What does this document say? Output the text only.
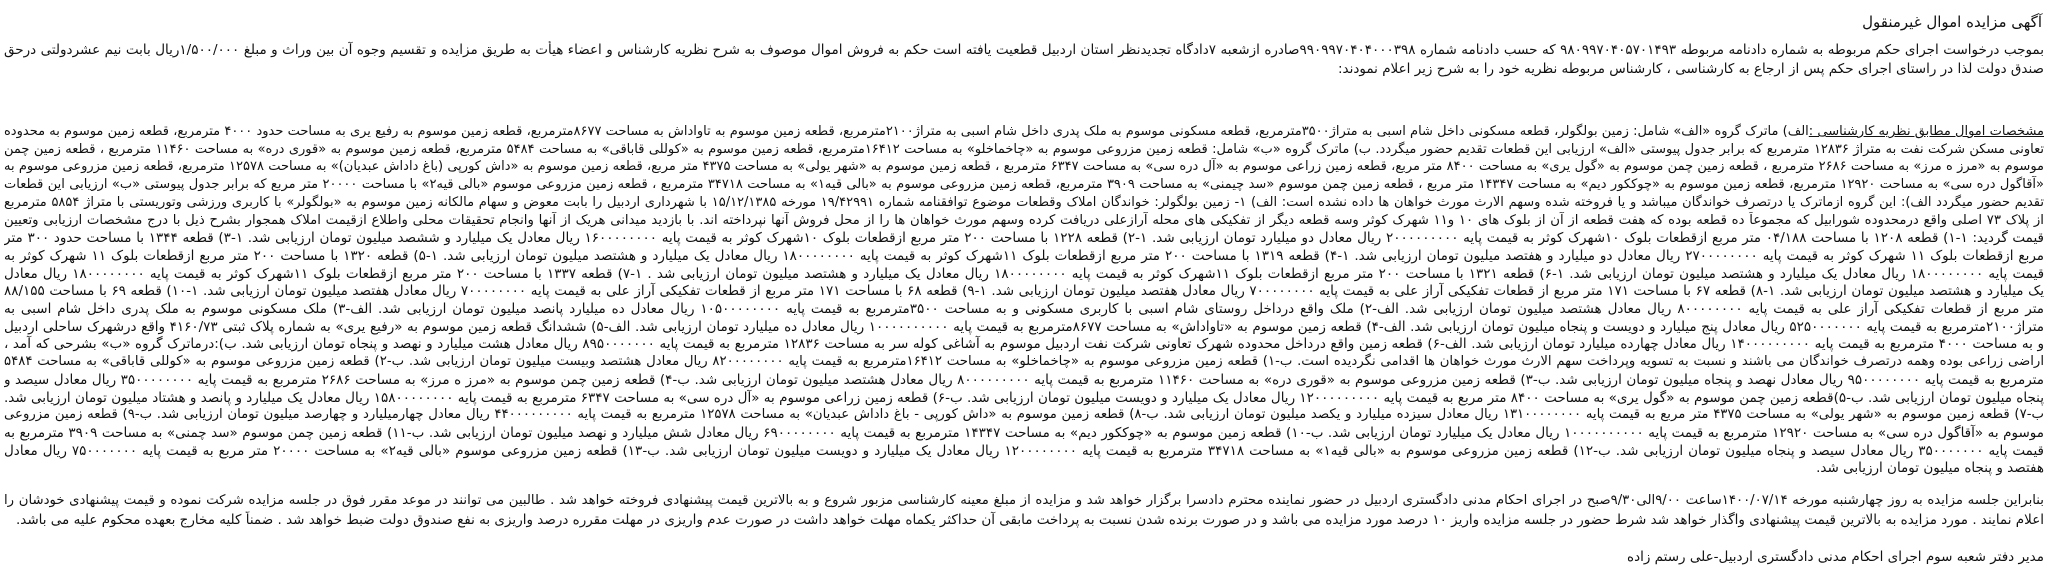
آگهی مزایده اموال غیرمنقول
بموجب درخواست اجرای حکم مربوطه به شماره دادنامه مربوطه ۹۸۰۹۹۷۰۴۰۵۷۰۱۴۹۳ که حسب دادنامه شماره ۹۹۰۹۹۷۰۴۰۴۰۰۰۳۹۸صادره ازشعبه ۷دادگاه تجدیدنظر استان اردبیل قطعیت یافته است حکم به فروش اموال موصوف به شرح نظریه کارشناس و اعضاء هیأت به طریق مزایده و تقسیم وجوه آن بین وراث و مبلغ ۱/۵۰۰/۰۰۰ریال بابت نیم عشردولتی درحق
صندق دولت لذا در راستای اجرای حکم پس از ارجاع به کارشناسی ، کارشناس مربوطه نظریه خود را به شرح زیر اعلام نمودند:
مشخصات اموال مطابق نظریه کارشناسی :الف) ماترک گروه «الف» شامل: زمین بولگولر، قطعه مسکونی داخل شام اسبی به متراژ۳۵۰۰مترمربع، قطعه مسکونی موسوم به ملک پدری داخل شام اسبی به متراژ۲۱۰۰مترمربع، قطعه زمین موسوم به تاواداش به مساحت ۸۶۷۷مترمربع، قطعه زمین موسوم به رفیع یری به مساحت حدود ۴۰۰۰ مترمربع، قطعه زمین موسوم به محدوده
تعاونی مسکن شرکت نفت به متراژ ۱۲۸۳۶ مترمربع که برابر جدول پیوستی «الف» ارزیابی این قطعات تقدیم حضور میگردد. ب) ماترک گروه «ب» شامل: قطعه زمین مزروعی موسوم به «چاخماخلو» به مساحت ۱۶۴۱۲مترمربع، قطعه زمین موسوم به «کوللی قاباقی» به مساحت ۵۴۸۴ مترمربع، قطعه زمین موسوم به «قوری دره» به مساحت ۱۱۴۶۰ مترمربع ، قطعه زمین چمن
موسوم به «مرز ه مرز» به مساحت ۲۶۸۶ مترمربع ، قطعه زمین چمن موسوم به «گول یری» به مساحت ۸۴۰۰ متر مربع، قطعه زمین زراعی موسوم به «آل دره سی» به مساحت ۶۳۴۷ مترمربع ، قطعه زمین موسوم به «شهر یولی» به مساحت ۴۳۷۵ متر مربع، قطعه زمین موسوم به «داش کورپی (باغ داداش عبدیان)» به مساحت ۱۲۵۷۸ مترمربع، قطعه زمین مزروعی موسوم به
«آقاگول دره سی» به مساحت ۱۲۹۲۰ مترمربع، قطعه زمین موسوم به «چوککور دیم» به مساحت ۱۴۳۴۷ متر مربع ، قطعه زمین چمن موسوم «سد چیمنی» به مساحت ۳۹۰۹ مترمربع، قطعه زمین مزروعی موسوم به «بالی قیه۱» به مساحت ۳۴۷۱۸ مترمربع ، قطعه زمین مزروعی موسوم «بالی قیه۲» با مساحت ۲۰۰۰۰ متر مربع که برابر جدول پیوستی «ب» ارزیابی این قطعات
تقدیم حضور میگردد الف): این گروه ازماترک یا درتصرف خواندگان میباشد و یا فروخته شده وسهم الارث مورث خواهان ها داده نشده است: الف) ۱- زمین بولگولر: خواندگان املاک وقطعات موضوع توافقنامه شماره ۱۹/۴۲۹۹۱ مورخه ۱۵/۱۲/۱۳۸۵ با شهرداری اردبیل را بابت معوض و سهام مالکانه زمین موسوم به «بولگولر» با کاربری ورزشی وتوریستی با متراژ ۵۸۵۴ مترمربع
از پلاک ۷۳ اصلی واقع درمحدوده شورابیل که مجموعاً ده قطعه بوده که هفت قطعه از آن از بلوک های ۱۰ و۱۱ شهرک کوثر وسه قطعه دیگر از تفکیکی های محله آرازعلی دریافت کرده وسهم مورث خواهان ها را از محل فروش آنها نپرداخته اند. با بازدید میدانی هریک از آنها وانجام تحقیقات محلی واطلاع ازقیمت املاک همجوار بشرح ذیل با درج مشخصات ارزیابی وتعیین
قیمت گردید: ۱-۱) قطعه ۱۲۰۸ با مساحت ۰۴/۱۸۸ متر مربع ازقطعات بلوک ۱۰شهرک کوثر به قیمت پایه ۲۰۰۰۰۰۰۰۰۰ ریال معادل دو میلیارد تومان ارزیابی شد. ۱-۲) قطعه ۱۲۲۸ با مساحت ۲۰۰ متر مربع ازقطعات بلوک ۱۰شهرک کوثر به قیمت پایه ۱۶۰۰۰۰۰۰۰۰ ریال معادل یک میلیارد و ششصد میلیون تومان ارزیابی شد. ۱-۳) قطعه ۱۳۴۴ با مساحت حدود ۳۰۰ متر
مربع ازقطعات بلوک ۱۱ شهرک کوثر به قیمت پایه ۲۷۰۰۰۰۰۰۰۰ ریال معادل دو میلیارد و هفتصد میلیون تومان ارزیابی شد. ۱-۴) قطعه ۱۳۱۹ با مساحت ۲۰۰ متر مربع ازقطعات بلوک ۱۱شهرک کوثر به قیمت پایه ۱۸۰۰۰۰۰۰۰۰ ریال معادل یک میلیارد و هشتصد میلیون تومان ارزیابی شد. ۱-۵) قطعه ۱۳۲۰ با مساحت ۲۰۰ متر مربع ازقطعات بلوک ۱۱ شهرک کوثر به
قیمت پایه ۱۸۰۰۰۰۰۰۰۰ ریال معادل یک میلیارد و هشتصد میلیون تومان ارزیابی شد. ۱-۶) قطعه ۱۳۲۱ با مساحت ۲۰۰ متر مربع ازقطعات بلوک ۱۱شهرک کوثر به قیمت پایه ۱۸۰۰۰۰۰۰۰۰ ریال معادل یک میلیارد و هشتصد میلیون تومان ارزیابی شد . ۱-۷) قطعه ۱۳۳۷ با مساحت ۲۰۰ متر مربع ازقطعات بلوک ۱۱شهرک کوثر به قیمت پایه ۱۸۰۰۰۰۰۰۰۰ ریال معادل
یک میلیارد و هشتصد میلیون تومان ارزیابی شد. ۱-۸) قطعه ۶۷ با مساحت ۱۷۱ متر مربع از قطعات تفکیکی آراز علی به قیمت پایه ۷۰۰۰۰۰۰۰۰ ریال معادل هفتصد میلیون تومان ارزیابی شد. ۱-۹) قطعه ۶۸ با مساحت ۱۷۱ متر مربع از قطعات تفکیکی آراز علی به قیمت پایه ۷۰۰۰۰۰۰۰۰ ریال معادل هفتصد میلیون تومان ارزیابی شد. ۱-۱۰) قطعه ۶۹ با مساحت ۸۸/۱۵۵
متر مربع از قطعات تفکیکی آراز علی به قیمت پایه ۸۰۰۰۰۰۰۰۰ ریال معادل هشتصد میلیون تومان ارزیابی شد. الف-۲) ملک واقع درداخل روستای شام اسبی با کاربری مسکونی و به مساحت ۳۵۰۰مترمربع به قیمت پایه ۱۰۵۰۰۰۰۰۰۰۰ ریال معادل ده میلیارد پانصد میلیون تومان ارزیابی شد. الف-۳) ملک مسکونی موسوم به ملک پدری داخل شام اسبی به
متراژ۲۱۰۰مترمربع به قیمت پایه ۵۲۵۰۰۰۰۰۰۰ ریال معادل پنج میلیارد و دویست و پنجاه میلیون تومان ارزیابی شد. الف-۴) قطعه زمین موسوم به «تاواداش» به مساحت ۸۶۷۷مترمربع به قیمت پایه ۱۰۰۰۰۰۰۰۰۰۰ ریال معادل ده میلیارد تومان ارزیابی شد. الف-۵) ششدانگ قطعه زمین موسوم به «رفیع یری» به شماره پلاک ثبتی ۴۱۶۰/۷۳ واقع درشهرک ساحلی اردبیل
و به مساحت ۴۰۰۰ مترمربع به قیمت پایه ۱۴۰۰۰۰۰۰۰۰۰ ریال معادل چهارده میلیارد تومان ارزیابی شد. الف-۶) قطعه زمین واقع درداخل محدوده شهرک تعاونی شرکت نفت اردبیل موسوم به آشاغی کوله سر به مساحت ۱۲۸۳۶ مترمربع به قیمت پایه ۸۹۵۰۰۰۰۰۰۰ ریال معادل هشت میلیارد و نهصد و پنجاه تومان ارزیابی شد. ب):درماترک گروه «ب» بشرحی که آمد ،
اراضی زراعی بوده وهمه درتصرف خواندگان می باشند و نسبت به تسویه وپرداخت سهم الارث مورث خواهان ها اقدامی نگردیده است. ب-۱) قطعه زمین مزروعی موسوم به «چاخماخلو» به مساحت ۱۶۴۱۲مترمربع به قیمت پایه ۸۲۰۰۰۰۰۰۰۰ ریال معادل هشتصد وبیست میلیون تومان ارزیابی شد. ب-۲) قطعه زمین مزروعی موسوم به «کوللی قاباقی» به مساحت ۵۴۸۴
مترمربع به قیمت پایه ۹۵۰۰۰۰۰۰۰۰ ریال معادل نهصد و پنجاه میلیون تومان ارزیابی شد. ب-۳) قطعه زمین مزروعی موسوم به «قوری دره» به مساحت ۱۱۴۶۰ مترمربع به قیمت پایه ۸۰۰۰۰۰۰۰۰۰ ریال معادل هشتصد میلیون تومان ارزیابی شد. ب-۴) قطعه زمین چمن موسوم به «مرز ه مرز» به مساحت ۲۶۸۶ مترمربع به قیمت پایه ۳۵۰۰۰۰۰۰۰۰ ریال معادل سیصد و
پنجاه میلیون تومان ارزیابی شد. ب-۵)قطعه زمین چمن موسوم به «گول یری» به مساحت ۸۴۰۰ متر مربع به قیمت پایه ۱۲۰۰۰۰۰۰۰۰۰ ریال معادل یک میلیارد و دویست میلیون تومان ارزیابی شد. ب-۶) قطعه زمین زراعی موسوم به «آل دره سی» به مساحت ۶۳۴۷ مترمربع به قیمت پایه ۱۵۸۰۰۰۰۰۰۰۰ ریال معادل یک میلیارد و پانصد و هشتاد میلیون تومان ارزیابی شد.
ب-۷) قطعه زمین موسوم به «شهر یولی» به مساحت ۴۳۷۵ متر مربع به قیمت پایه ۱۳۱۰۰۰۰۰۰۰۰ ریال معادل سیزده میلیارد و یکصد میلیون تومان ارزیابی شد. ب-۸) قطعه زمین موسوم به «داش کورپی - باغ داداش عبدیان» به مساحت ۱۲۵۷۸ مترمربع به قیمت پایه ۴۴۰۰۰۰۰۰۰۰۰ ریال معادل چهارمیلیارد و چهارصد میلیون تومان ارزیابی شد. ب-۹) قطعه زمین مزروعی
موسوم به «آقاگول دره سی» به مساحت ۱۲۹۲۰ مترمربع به قیمت پایه ۱۰۰۰۰۰۰۰۰۰۰ ریال معادل یک میلیارد تومان ارزیابی شد. ب-۱۰) قطعه زمین موسوم به «چوککور دیم» به مساحت ۱۴۳۴۷ مترمربع به قیمت پایه ۶۹۰۰۰۰۰۰۰۰ ریال معادل شش میلیارد و نهصد میلیون تومان ارزیابی شد. ب-۱۱) قطعه زمین چمن موسوم «سد چمنی» به مساحت ۳۹۰۹ مترمربع به
قیمت پایه ۳۵۰۰۰۰۰۰۰ ریال معادل سیصد و پنجاه میلیون تومان ارزیابی شد. ب-۱۲) قطعه زمین مزروعی موسوم به «بالی قیه۱» به مساحت ۳۴۷۱۸ مترمربع به قیمت پایه ۱۲۰۰۰۰۰۰۰۰ ریال معادل یک میلیارد و دویست میلیون تومان ارزیابی شد. ب-۱۳) قطعه زمین مزروعی موسوم «بالی قیه۲» به مساحت ۲۰۰۰۰ متر مربع به قیمت پایه ۷۵۰۰۰۰۰۰۰ ریال معادل
هفتصد و پنجاه میلیون تومان ارزیابی شد.
بنابراین جلسه مزایده به روز چهارشنبه مورخه ۱۴۰۰/۰۷/۱۴ساعت ۹/۰۰الی۹/۳۰صبح در اجرای احکام مدنی دادگستری اردبیل در حضور نماینده محترم دادسرا برگزار خواهد شد و مزایده از مبلغ معینه کارشناسی مزبور شروع و به بالاترین قیمت پیشنهادی فروخته خواهد شد . طالبین می توانند در موعد مقرر فوق در جلسه مزایده شرکت نموده و قیمت پیشنهادی خودشان را
اعلام نمایند . مورد مزایده به بالاترین قیمت پیشنهادی واگذار خواهد شد شرط حضور در جلسه مزایده واریز ۱۰ درصد مورد مزایده می باشد و در صورت برنده شدن نسبت به پرداخت مابقی آن حداکثر یکماه مهلت خواهد داشت در صورت عدم واریزی در مهلت مقرره درصد واریزی به نفع صندوق دولت ضبط خواهد شد . ضمناً کلیه مخارج بعهده محکوم علیه می باشد.
مدیر دفتر شعبه سوم اجرای احکام مدنی دادگستری اردبیل-علی رستم زاده
